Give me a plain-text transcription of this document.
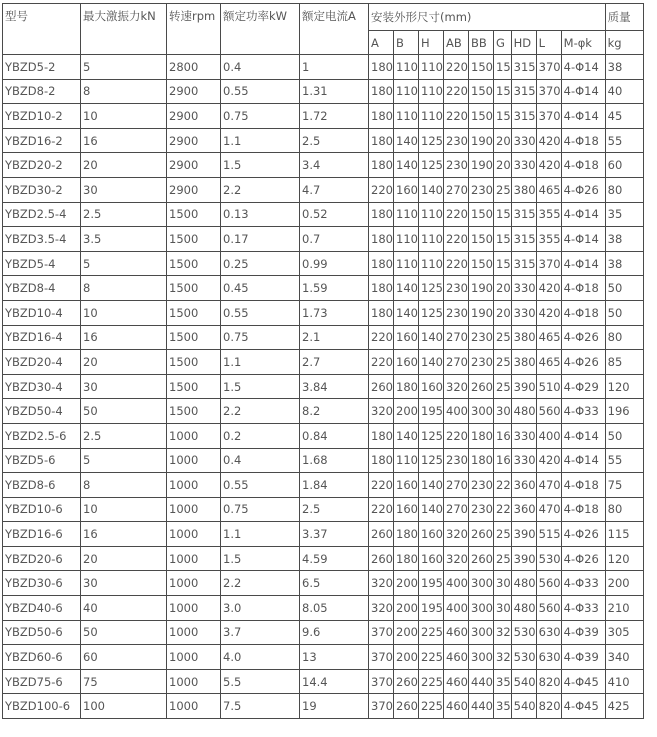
型号	最大激振力kN	转速rpm	额定功率kW	额定电流A	安装外形尺寸(mm)									质量
					A	B	H	AB	BB	G	HD	L	M-φk	kg
YBZD5-2	5	2800	0.4	1	180	110	110	220	150	15	315	370	4-Φ14	38
YBZD8-2	8	2900	0.55	1.31	180	110	110	220	150	15	315	370	4-Φ14	40
YBZD10-2	10	2900	0.75	1.72	180	110	110	220	150	15	315	370	4-Φ14	45
YBZD16-2	16	2900	1.1	2.5	180	140	125	230	190	20	330	420	4-Φ18	55
YBZD20-2	20	2900	1.5	3.4	180	140	125	230	190	20	330	420	4-Φ18	60
YBZD30-2	30	2900	2.2	4.7	220	160	140	270	230	25	380	465	4-Φ26	80
YBZD2.5-4	2.5	1500	0.13	0.52	180	110	110	220	150	15	315	355	4-Φ14	35
YBZD3.5-4	3.5	1500	0.17	0.7	180	110	110	220	150	15	315	355	4-Φ14	38
YBZD5-4	5	1500	0.25	0.99	180	110	110	220	150	15	315	370	4-Φ14	38
YBZD8-4	8	1500	0.45	1.59	180	140	125	230	190	20	330	420	4-Φ18	50
YBZD10-4	10	1500	0.55	1.73	180	140	125	230	190	20	330	420	4-Φ18	50
YBZD16-4	16	1500	0.75	2.1	220	160	140	270	230	25	380	465	4-Φ26	80
YBZD20-4	20	1500	1.1	2.7	220	160	140	270	230	25	380	465	4-Φ26	85
YBZD30-4	30	1500	1.5	3.84	260	180	160	320	260	25	390	510	4-Φ29	120
YBZD50-4	50	1500	2.2	8.2	320	200	195	400	300	30	480	560	4-Φ33	196
YBZD2.5-6	2.5	1000	0.2	0.84	180	140	125	220	180	16	330	400	4-Φ14	50
YBZD5-6	5	1000	0.4	1.68	180	110	125	230	180	16	330	420	4-Φ14	55
YBZD8-6	8	1000	0.55	1.84	220	160	140	270	230	22	360	470	4-Φ18	75
YBZD10-6	10	1000	0.75	2.5	220	160	140	270	230	22	360	470	4-Φ18	80
YBZD16-6	16	1000	1.1	3.37	260	180	160	320	260	25	390	515	4-Φ26	115
YBZD20-6	20	1000	1.5	4.59	260	180	160	320	260	25	390	530	4-Φ26	120
YBZD30-6	30	1000	2.2	6.5	320	200	195	400	300	30	480	560	4-Φ33	200
YBZD40-6	40	1000	3.0	8.05	320	200	195	400	300	30	480	560	4-Φ33	210
YBZD50-6	50	1000	3.7	9.6	370	200	225	460	300	32	530	630	4-Φ39	305
YBZD60-6	60	1000	4.0	13	370	200	225	460	300	32	530	630	4-Φ39	340
YBZD75-6	75	1000	5.5	14.4	370	260	225	460	440	35	540	820	4-Φ45	410
YBZD100-6	100	1000	7.5	19	370	260	225	460	440	35	540	820	4-Φ45	425
